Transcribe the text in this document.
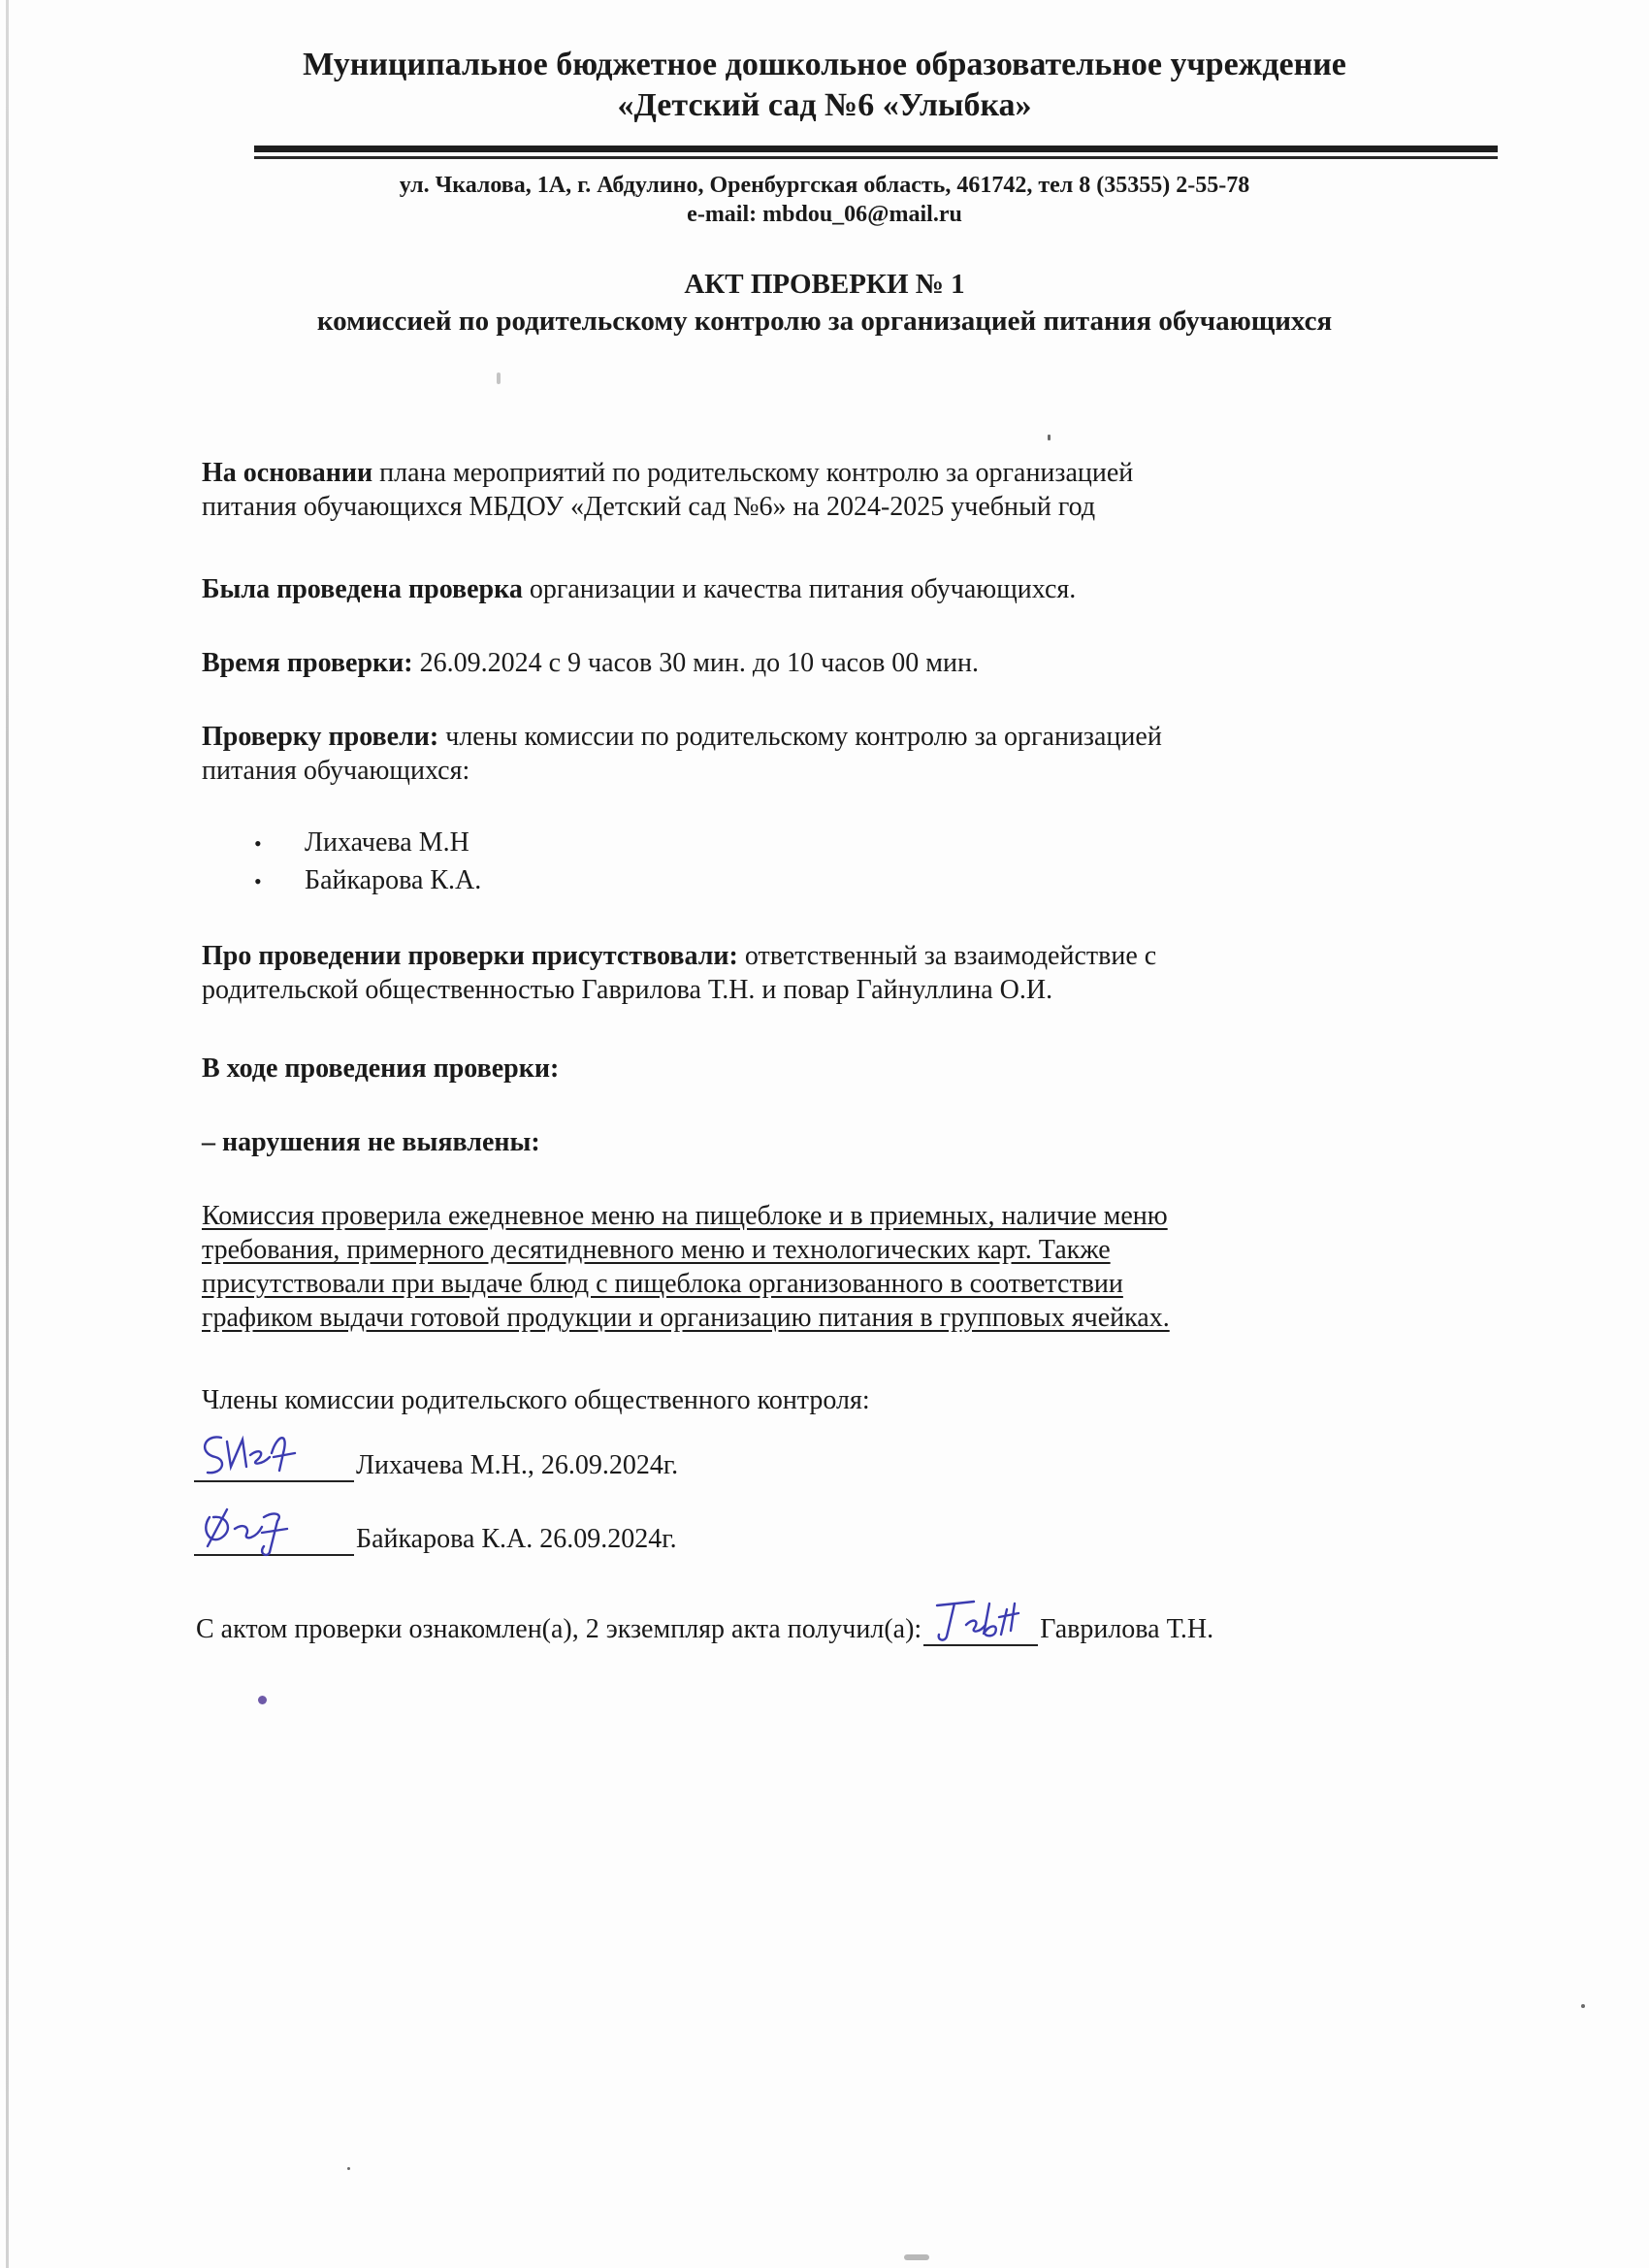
Муниципальное бюджетное дошкольное образовательное учреждение
«Детский сад №6 «Улыбка»
ул. Чкалова, 1А, г. Абдулино, Оренбургская область, 461742, тел 8 (35355) 2-55-78
e-mail: mbdou_06@mail.ru
АКТ ПРОВЕРКИ № 1
комиссией по родительскому контролю за организацией питания обучающихся
На основании плана мероприятий по родительскому контролю за организацией
питания обучающихся МБДОУ «Детский сад №6» на 2024-2025 учебный год
Была проведена проверка организации и качества питания обучающихся.
Время проверки: 26.09.2024 с 9 часов 30 мин. до 10 часов 00 мин.
Проверку провели: члены комиссии по родительскому контролю за организацией
питания обучающихся:
•	Лихачева М.Н
•	Байкарова К.А.
Про проведении проверки присутствовали: ответственный за взаимодействие с
родительской общественностью Гаврилова Т.Н. и повар Гайнуллина О.И.
В ходе проведения проверки:
– нарушения не выявлены:
Комиссия проверила ежедневное меню на пищеблоке и в приемных, наличие меню
требования, примерного десятидневного меню и технологических карт. Также
присутствовали при выдаче блюд с пищеблока организованного в соответствии
графиком выдачи готовой продукции и организацию питания в групповых ячейках.
Члены комиссии родительского общественного контроля:
Лихачева М.Н., 26.09.2024г.
Байкарова К.А. 26.09.2024г.
С актом проверки ознакомлен(а), 2 экземпляр акта получил(а):	Гаврилова Т.Н.
